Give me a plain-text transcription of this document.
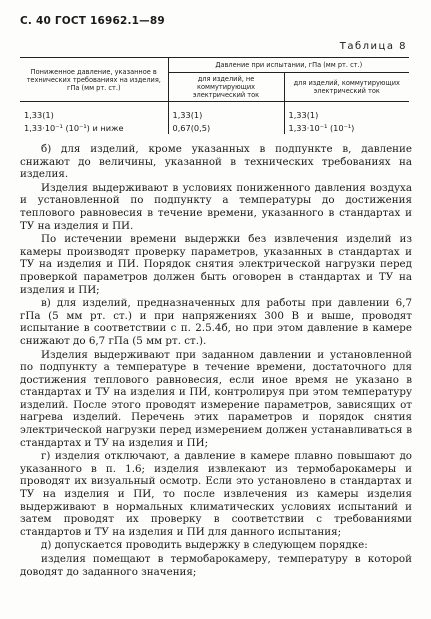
С. 40 ГОСТ 16962.1—89
Таблица 8
Пониженное давление, указанное в технических требованиях на изделия, гПа (мм рт. ст.)	Давление при испытании, гПа (мм рт. ст.)	
	для изделий, не коммутирующих электрический ток	для изделий, коммутирующих электрический ток
1,33(1)	1,33(1)	1,33(1)
1,33·10⁻¹ (10⁻¹) и ниже	0,67(0,5)	1,33·10⁻¹ (10⁻¹)

б) для изделий, кроме указанных в подпункте в, давление снижают до величины, указанной в технических требованиях на изделия.

Изделия выдерживают в условиях пониженного давления воздуха и установленной по подпункту а температуры до достижения теплового равновесия в течение времени, указанного в стандартах и ТУ на изделия и ПИ.

По истечении времени выдержки без извлечения изделий из камеры производят проверку параметров, указанных в стандартах и ТУ на изделия и ПИ. Порядок снятия электрической нагрузки перед проверкой параметров должен быть оговорен в стандартах и ТУ на изделия и ПИ;

в) для изделий, предназначенных для работы при давлении 6,7 гПа (5 мм рт. ст.) и при напряжениях 300 В и выше, проводят испытание в соответствии с п. 2.5.4б, но при этом давление в камере снижают до 6,7 гПа (5 мм рт. ст.).

Изделия выдерживают при заданном давлении и установленной по подпункту а температуре в течение времени, достаточного для достижения теплового равновесия, если иное время не указано в стандартах и ТУ на изделия и ПИ, контролируя при этом температуру изделий. После этого проводят измерение параметров, зависящих от нагрева изделий. Перечень этих параметров и порядок снятия электрической нагрузки перед измерением должен устанавливаться в стандартах и ТУ на изделия и ПИ;

г) изделия отключают, а давление в камере плавно повышают до указанного в п. 1.6; изделия извлекают из термобарокамеры и проводят их визуальный осмотр. Если это установлено в стандартах и ТУ на изделия и ПИ, то после извлечения из камеры изделия выдерживают в нормальных климатических условиях испытаний и затем проводят их проверку в соответствии с требованиями стандартов и ТУ на изделия и ПИ для данного испытания;

д) допускается проводить выдержку в следующем порядке:

изделия помещают в термобарокамеру, температуру в которой доводят до заданного значения;
